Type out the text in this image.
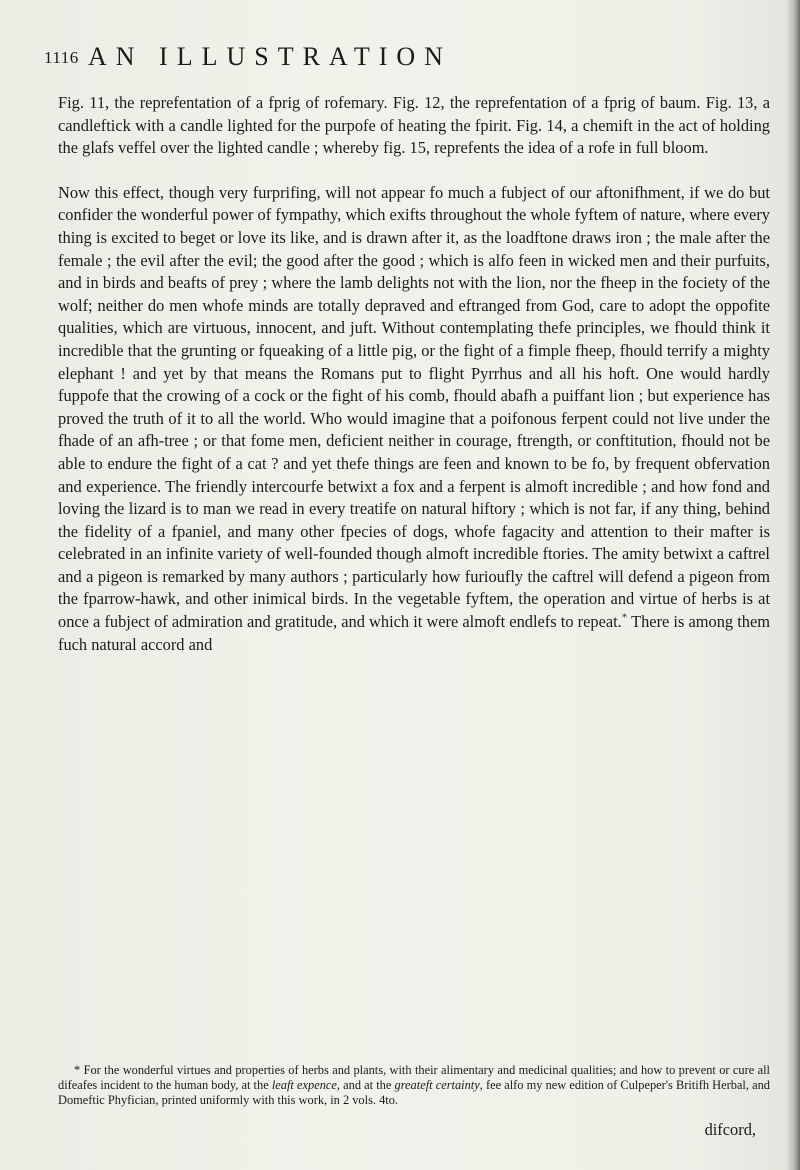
1116 AN ILLUSTRATION

Fig. 11, the reprefentation of a fprig of rofemary. Fig. 12, the reprefentation of a fprig of baum. Fig. 13, a candleftick with a candle lighted for the purpofe of heating the fpirit. Fig. 14, a chemift in the act of holding the glafs veffel over the lighted candle ; whereby fig. 15, reprefents the idea of a rofe in full bloom.

Now this effect, though very furprifing, will not appear fo much a fubject of our aftonifhment, if we do but confider the wonderful power of fympathy, which exifts throughout the whole fyftem of nature, where every thing is excited to beget or love its like, and is drawn after it, as the loadftone draws iron ; the male after the female ; the evil after the evil; the good after the good ; which is alfo feen in wicked men and their purfuits, and in birds and beafts of prey ; where the lamb delights not with the lion, nor the fheep in the fociety of the wolf; neither do men whofe minds are totally depraved and eftranged from God, care to adopt the oppofite qualities, which are virtuous, innocent, and juft. Without contemplating thefe principles, we fhould think it incredible that the grunting or fqueaking of a little pig, or the fight of a fimple fheep, fhould terrify a mighty elephant ! and yet by that means the Romans put to flight Pyrrhus and all his hoft. One would hardly fuppofe that the crowing of a cock or the fight of his comb, fhould abafh a puiffant lion ; but experience has proved the truth of it to all the world. Who would imagine that a poifonous ferpent could not live under the fhade of an afh-tree ; or that fome men, deficient neither in courage, ftrength, or conftitution, fhould not be able to endure the fight of a cat ? and yet thefe things are feen and known to be fo, by frequent obfervation and experience. The friendly intercourfe betwixt a fox and a ferpent is almoft incredible ; and how fond and loving the lizard is to man we read in every treatife on natural hiftory ; which is not far, if any thing, behind the fidelity of a fpaniel, and many other fpecies of dogs, whofe fagacity and attention to their mafter is celebrated in an infinite variety of well-founded though almoft incredible ftories. The amity betwixt a caftrel and a pigeon is remarked by many authors ; particularly how furioufly the caftrel will defend a pigeon from the fparrow-hawk, and other inimical birds. In the vegetable fyftem, the operation and virtue of herbs is at once a fubject of admiration and gratitude, and which it were almoft endlefs to repeat.* There is among them fuch natural accord and

* For the wonderful virtues and properties of herbs and plants, with their alimentary and medicinal qualities; and how to prevent or cure all difeafes incident to the human body, at the leaft expence, and at the greateft certainty, fee alfo my new edition of Culpeper's Britifh Herbal, and Domeftic Phyfician, printed uniformly with this work, in 2 vols. 4to.
difcord,
